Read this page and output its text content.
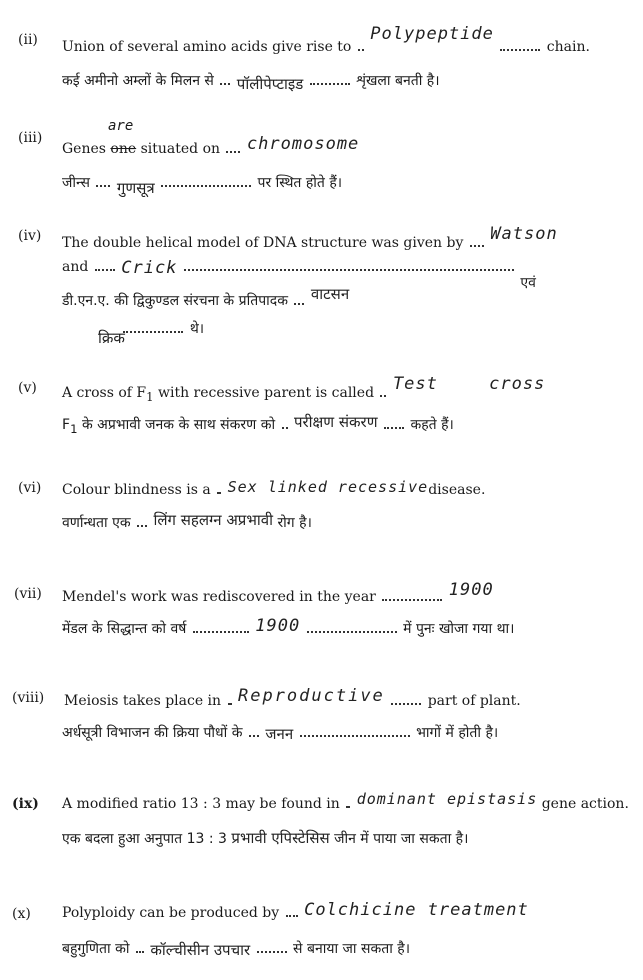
(ii) Union of several amino acids give rise to  Polypeptide  chain.
कई अमीनो अम्लों के मिलन से पॉलीपेप्टाइड	शृंखला बनती है।
(iii)
are
Genes one situated on chromosome
जीन्स गुणसूत्र	पर स्थित होते हैं।
(iv) The double helical model of DNA structure was given by Watson
and Crick  एवं
डी.एन.ए. की द्विकुण्डल संरचना के प्रतिपादक वाटसन
क्रिक	थे।
(v) A cross of $F_1$ with recessive parent is called Test cross
$F_1$ के अप्रभावी जनक के साथ संकरण को परीक्षण संकरण कहते हैं।
(vi) Colour blindness is a Sex linked recessivedisease.
वर्णान्धता एक लिंग सहलग्न अप्रभावी रोग है।
(vii) Mendel's work was rediscovered in the year	1900
मेंडल के सिद्धान्त को वर्ष	1900	में पुनः खोजा गया था।
(viii) Meiosis takes place in Reproductive	part of plant.
अर्धसूत्री विभाजन की क्रिया पौधों के जनन	भागों में होती है।
(ix) A modified ratio 13 : 3 may be found in dominant epistasis gene action.
एक बदला हुआ अनुपात 13 : 3 प्रभावी एपिस्टेसिस जीन में पाया जा सकता है।
(x) Polyploidy can be produced by Colchicine treatment
बहुगुणिता को कॉल्चीसीन उपचार	से बनाया जा सकता है।
